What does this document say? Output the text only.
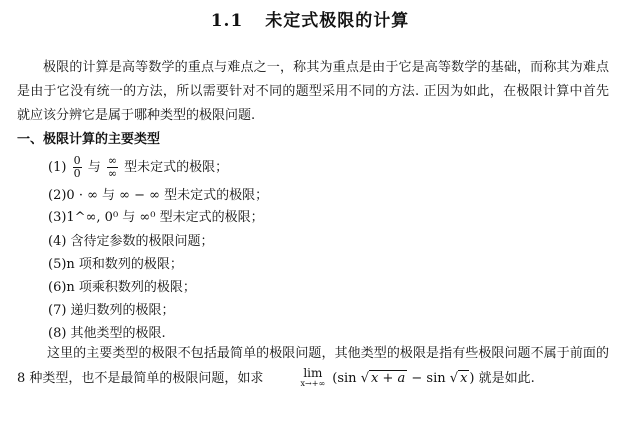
1.1 未定式极限的计算
极限的计算是高等数学的重点与难点之一，称其为重点是由于它是高等数学的基础，而称其为难点是由于它没有统一的方法，所以需要针对不同的题型采用不同的方法. 正因为如此，在极限计算中首先就应该分辨它是属于哪种类型的极限问题.
一、极限计算的主要类型
$(1) \frac{0}{0}$ 与 $\frac{\infty}{\infty}$ 型未定式的极限；
(2)0 · ∞ 与 ∞ − ∞ 型未定式的极限；
(3)1^∞, 0⁰ 与 ∞⁰ 型未定式的极限；
(4) 含待定参数的极限问题；
(5)n 项和数列的极限；
(6)n 项乘积数列的极限；
(7) 递归数列的极限；
(8) 其他类型的极限.
这里的主要类型的极限不包括最简单的极限问题，其他类型的极限是指有些极限问题不属于前面的 8 种类型，也不是最简单的极限问题，如求	lim
x→+∞ (sin √ x + a − sin √ x ) 就是如此.
